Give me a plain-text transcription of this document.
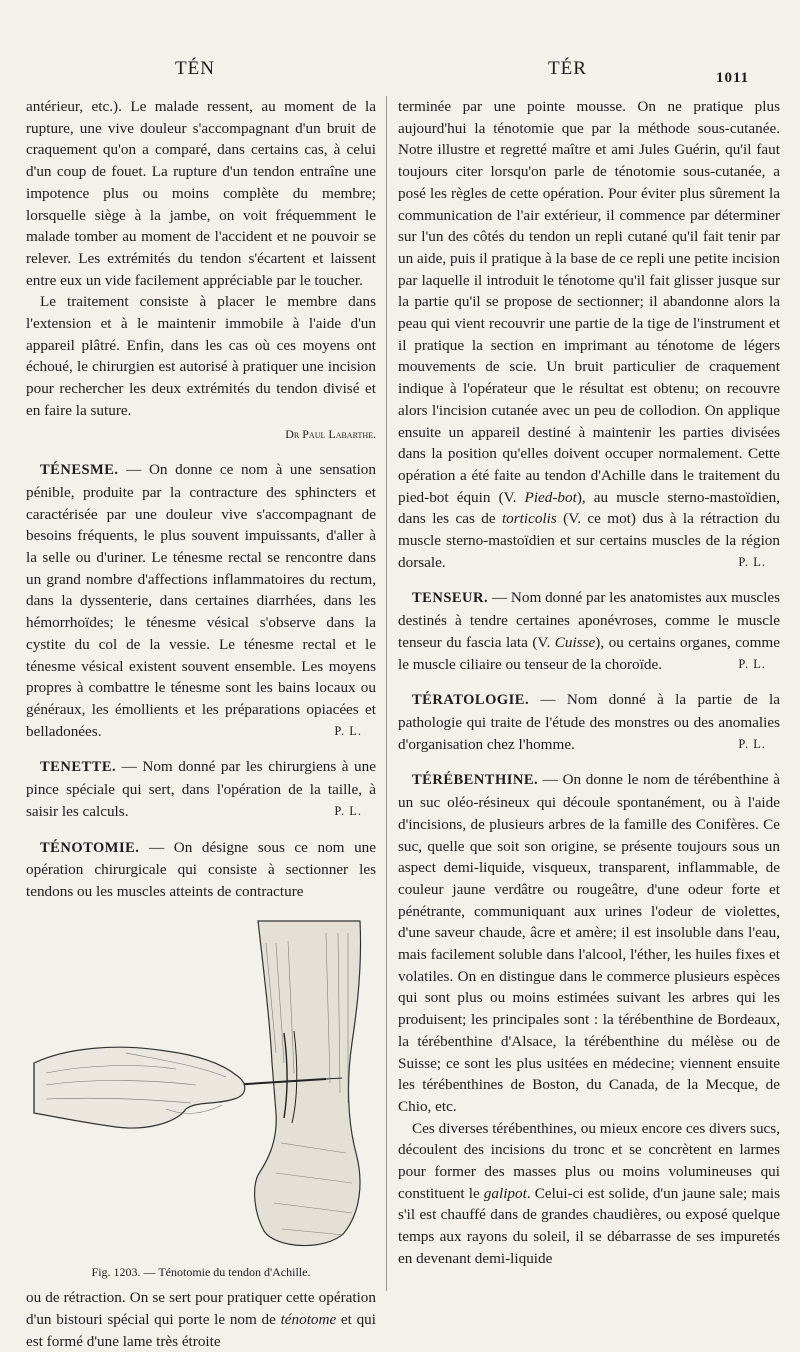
TÉN	TÉR	1011

antérieur, etc.). Le malade ressent, au moment de la rupture, une vive douleur s'accompagnant d'un bruit de craquement qu'on a comparé, dans certains cas, à celui d'un coup de fouet. La rupture d'un tendon entraîne une impotence plus ou moins complète du membre; lorsquelle siège à la jambe, on voit fréquemment le malade tomber au moment de l'accident et ne pouvoir se relever. Les extrémités du tendon s'écartent et laissent entre eux un vide facilement appréciable par le toucher.

Le traitement consiste à placer le membre dans l'extension et à le maintenir immobile à l'aide d'un appareil plâtré. Enfin, dans les cas où ces moyens ont échoué, le chirurgien est autorisé à pratiquer une incision pour rechercher les deux extrémités du tendon divisé et en faire la suture.

Dr Paul Labarthe.

TÉNESME. — On donne ce nom à une sensation pénible, produite par la contracture des sphincters et caractérisée par une douleur vive s'accompagnant de besoins fréquents, le plus souvent impuissants, d'aller à la selle ou d'uriner. Le ténesme rectal se rencontre dans un grand nombre d'affections inflammatoires du rectum, dans la dyssenterie, dans certaines diarrhées, dans les hémorrhoïdes; le ténesme vésical s'observe dans la cystite du col de la vessie. Le ténesme rectal et le ténesme vésical existent souvent ensemble. Les moyens propres à combattre le ténesme sont les bains locaux ou généraux, les émollients et les préparations opiacées et belladonées.	P. L.

TENETTE. — Nom donné par les chirurgiens à une pince spéciale qui sert, dans l'opération de la taille, à saisir les calculs.	P. L.

TÉNOTOMIE. — On désigne sous ce nom une opération chirurgicale qui consiste à sectionner les tendons ou les muscles atteints de contracture

Fig. 1203. — Ténotomie du tendon d'Achille.

ou de rétraction. On se sert pour pratiquer cette opération d'un bistouri spécial qui porte le nom de ténotome et qui est formé d'une lame très étroite

terminée par une pointe mousse. On ne pratique plus aujourd'hui la ténotomie que par la méthode sous-cutanée. Notre illustre et regretté maître et ami Jules Guérin, qu'il faut toujours citer lorsqu'on parle de ténotomie sous-cutanée, a posé les règles de cette opération. Pour éviter plus sûrement la communication de l'air extérieur, il commence par déterminer sur l'un des côtés du tendon un repli cutané qu'il fait tenir par un aide, puis il pratique à la base de ce repli une petite incision par laquelle il introduit le ténotome qu'il fait glisser jusque sur la partie qu'il se propose de sectionner; il abandonne alors la peau qui vient recouvrir une partie de la tige de l'instrument et il pratique la section en imprimant au ténotome de légers mouvements de scie. Un bruit particulier de craquement indique à l'opérateur que le résultat est obtenu; on recouvre alors l'incision cutanée avec un peu de collodion. On applique ensuite un appareil destiné à maintenir les parties divisées dans la position qu'elles doivent occuper normalement. Cette opération a été faite au tendon d'Achille dans le traitement du pied-bot équin (V. Pied-bot), au muscle sterno-mastoïdien, dans les cas de torticolis (V. ce mot) dus à la rétraction du muscle sterno-mastoïdien et sur certains muscles de la région dorsale.	P. L.

TENSEUR. — Nom donné par les anatomistes aux muscles destinés à tendre certaines aponévroses, comme le muscle tenseur du fascia lata (V. Cuisse), ou certains organes, comme le muscle ciliaire ou tenseur de la choroïde.	P. L.

TÉRATOLOGIE. — Nom donné à la partie de la pathologie qui traite de l'étude des monstres ou des anomalies d'organisation chez l'homme.	P. L.

TÉRÉBENTHINE. — On donne le nom de térébenthine à un suc oléo-résineux qui découle spontanément, ou à l'aide d'incisions, de plusieurs arbres de la famille des Conifères. Ce suc, quelle que soit son origine, se présente toujours sous un aspect demi-liquide, visqueux, transparent, inflammable, de couleur jaune verdâtre ou rougeâtre, d'une odeur forte et pénétrante, communiquant aux urines l'odeur de violettes, d'une saveur chaude, âcre et amère; il est insoluble dans l'eau, mais facilement soluble dans l'alcool, l'éther, les huiles fixes et volatiles. On en distingue dans le commerce plusieurs espèces qui sont plus ou moins estimées suivant les arbres qui les produisent; les principales sont : la térébenthine de Bordeaux, la térébenthine d'Alsace, la térébenthine du mélèse ou de Suisse; ce sont les plus usitées en médecine; viennent ensuite les térébenthines de Boston, du Canada, de la Mecque, de Chio, etc.

Ces diverses térébenthines, ou mieux encore ces divers sucs, découlent des incisions du tronc et se concrètent en larmes pour former des masses plus ou moins volumineuses qui constituent le galipot. Celui-ci est solide, d'un jaune sale; mais s'il est chauffé dans de grandes chaudières, ou exposé quelque temps aux rayons du soleil, il se débarrasse de ses impuretés en devenant demi-liquide
